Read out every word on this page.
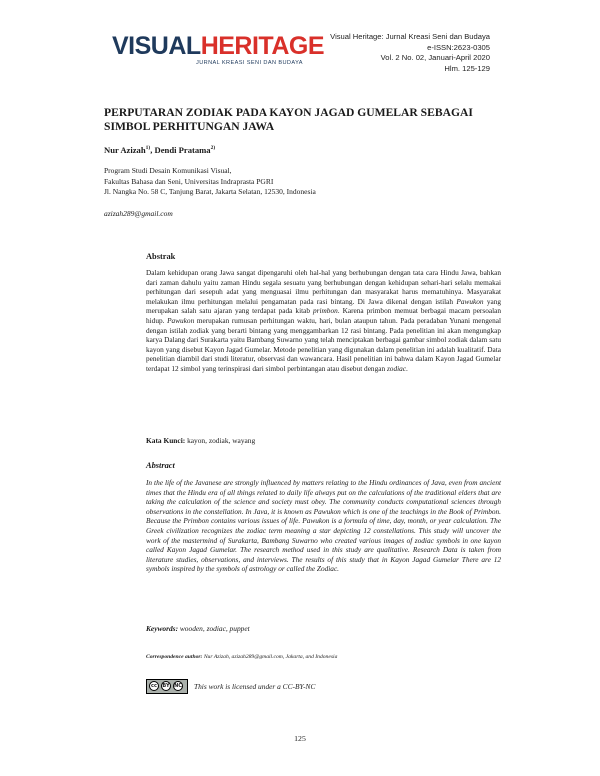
VISUALHERITAGE
JURNAL KREASI SENI DAN BUDAYA
Visual Heritage: Jurnal Kreasi Seni dan Budaya
e-ISSN:2623-0305
Vol. 2 No. 02, Januari-April 2020
Hlm. 125-129
PERPUTARAN ZODIAK PADA KAYON JAGAD GUMELAR SEBAGAI SIMBOL PERHITUNGAN JAWA
Nur Azizah$^{1)}$, Dendi Pratama$^{2)}$
Program Studi Desain Komunikasi Visual,
Fakultas Bahasa dan Seni, Universitas Indraprasta PGRI
Jl. Nangka No. 58 C, Tanjung Barat, Jakarta Selatan, 12530, Indonesia
azizah289@gmail.com
Abstrak

Dalam kehidupan orang Jawa sangat dipengaruhi oleh hal-hal yang berhubungan dengan tata cara Hindu Jawa, bahkan dari zaman dahulu yaitu zaman Hindu segala sesuatu yang berhubungan dengan kehidupan sehari-hari selalu memakai perhitungan dari sesepuh adat yang menguasai ilmu perhitungan dan masyarakat harus mematuhinya. Masyarakat melakukan ilmu perhitungan melalui pengamatan pada rasi bintang. Di Jawa dikenal dengan istilah Pawukon yang merupakan salah satu ajaran yang terdapat pada kitab primbon. Karena primbon memuat berbagai macam persoalan hidup. Pawukon merupakan rumusan perhitungan waktu, hari, bulan ataupun tahun. Pada peradaban Yunani mengenal dengan istilah zodiak yang berarti bintang yang menggambarkan 12 rasi bintang. Pada penelitian ini akan mengungkap karya Dalang dari Surakarta yaitu Bambang Suwarno yang telah menciptakan berbagai gambar simbol zodiak dalam satu kayon yang disebut Kayon Jagad Gumelar. Metode penelitian yang digunakan dalam penelitian ini adalah kualitatif. Data penelitian diambil dari studi literatur, observasi dan wawancara. Hasil penelitian ini bahwa dalam Kayon Jagad Gumelar terdapat 12 simbol yang terinspirasi dari simbol perbintangan atau disebut dengan zodiac.

Kata Kunci: kayon, zodiak, wayang
Abstract

In the life of the Javanese are strongly influenced by matters relating to the Hindu ordinances of Java, even from ancient times that the Hindu era of all things related to daily life always put on the calculations of the traditional elders that are taking the calculation of the science and society must obey. The community conducts computational sciences through observations in the constellation. In Java, it is known as Pawukon which is one of the teachings in the Book of Primbon. Because the Primbon contains various issues of life. Pawukon is a formula of time, day, month, or year calculation. The Greek civilization recognizes the zodiac term meaning a star depicting 12 constellations. This study will uncover the work of the mastermind of Surakarta, Bambang Suwarno who created various images of zodiac symbols in one kayon called Kayon Jagad Gumelar. The research method used in this study are qualitative. Research Data is taken from literature studies, observations, and interviews. The results of this study that in Kayon Jagad Gumelar There are 12 symbols inspired by the symbols of astrology or called the Zodiac.

Keywords: wooden, zodiac, puppet
Correspondence author: Nur Azizah, azizah289@gmail.com, Jakarta, and Indonesia
cc	BY NC This work is licensed under a CC-BY-NC
125
